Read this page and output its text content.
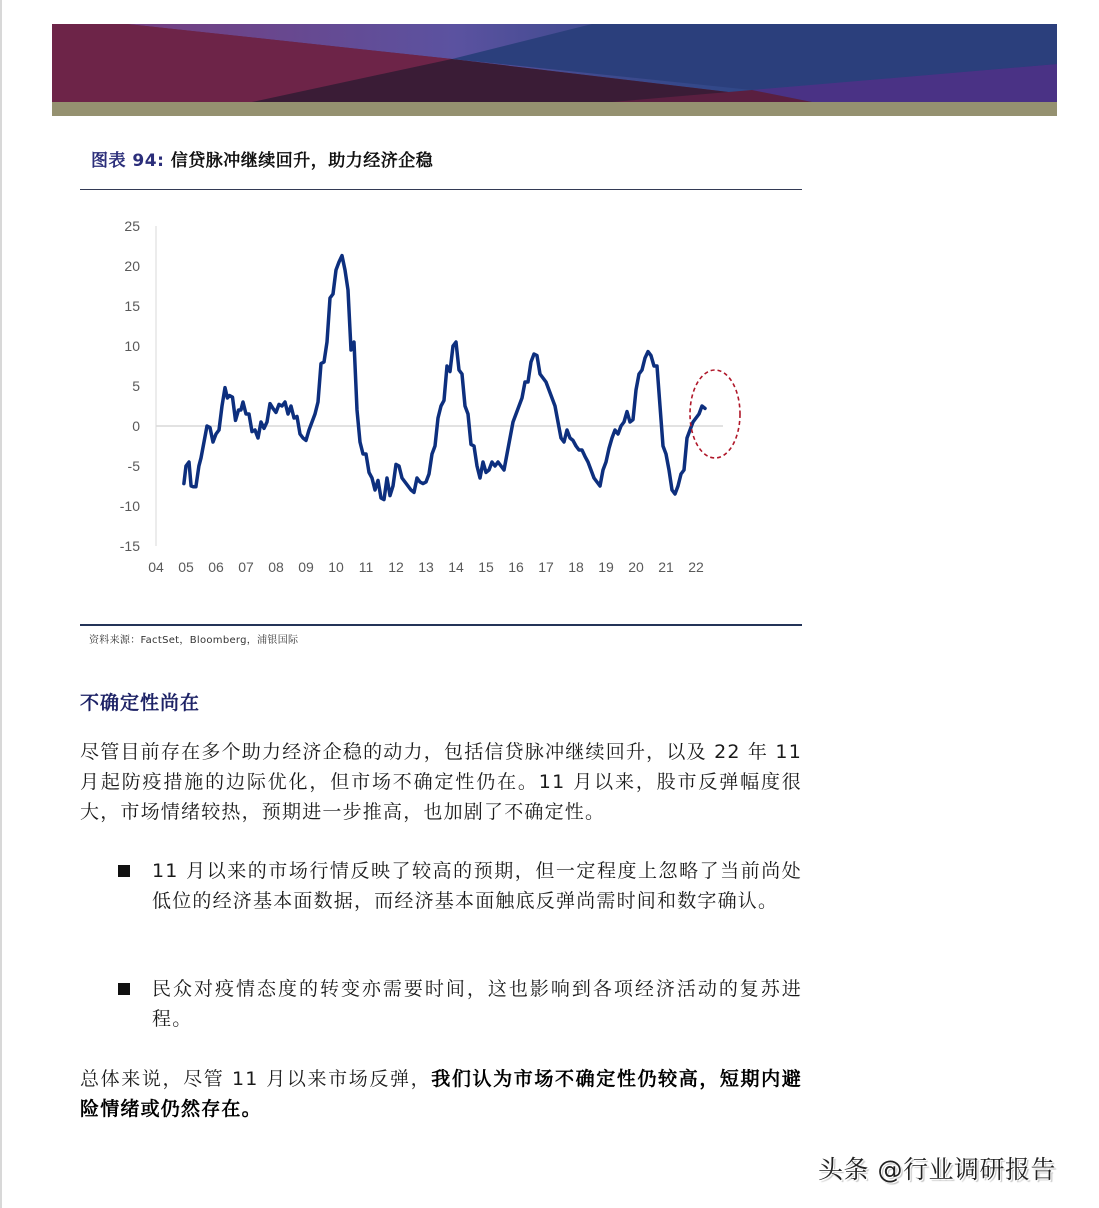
图表 94: 信贷脉冲继续回升，助力经济企稳
25
20
15
10
5
0
-5
-10
-15
04 05 06 07 08 09 10 11 12 13 14 15 16 17 18 19 20 21 22
资料来源：FactSet，Bloomberg，浦银国际
不确定性尚在
尽管目前存在多个助力经济企稳的动力，包括信贷脉冲继续回升，以及 22 年 11 月起防疫措施的边际优化，但市场不确定性仍在。11 月以来，股市反弹幅度很大，市场情绪较热，预期进一步推高，也加剧了不确定性。
11 月以来的市场行情反映了较高的预期，但一定程度上忽略了当前尚处低位的经济基本面数据，而经济基本面触底反弹尚需时间和数字确认。
民众对疫情态度的转变亦需要时间，这也影响到各项经济活动的复苏进程。
总体来说，尽管 11 月以来市场反弹，我们认为市场不确定性仍较高，短期内避险情绪或仍然存在。
头条 @行业调研报告
